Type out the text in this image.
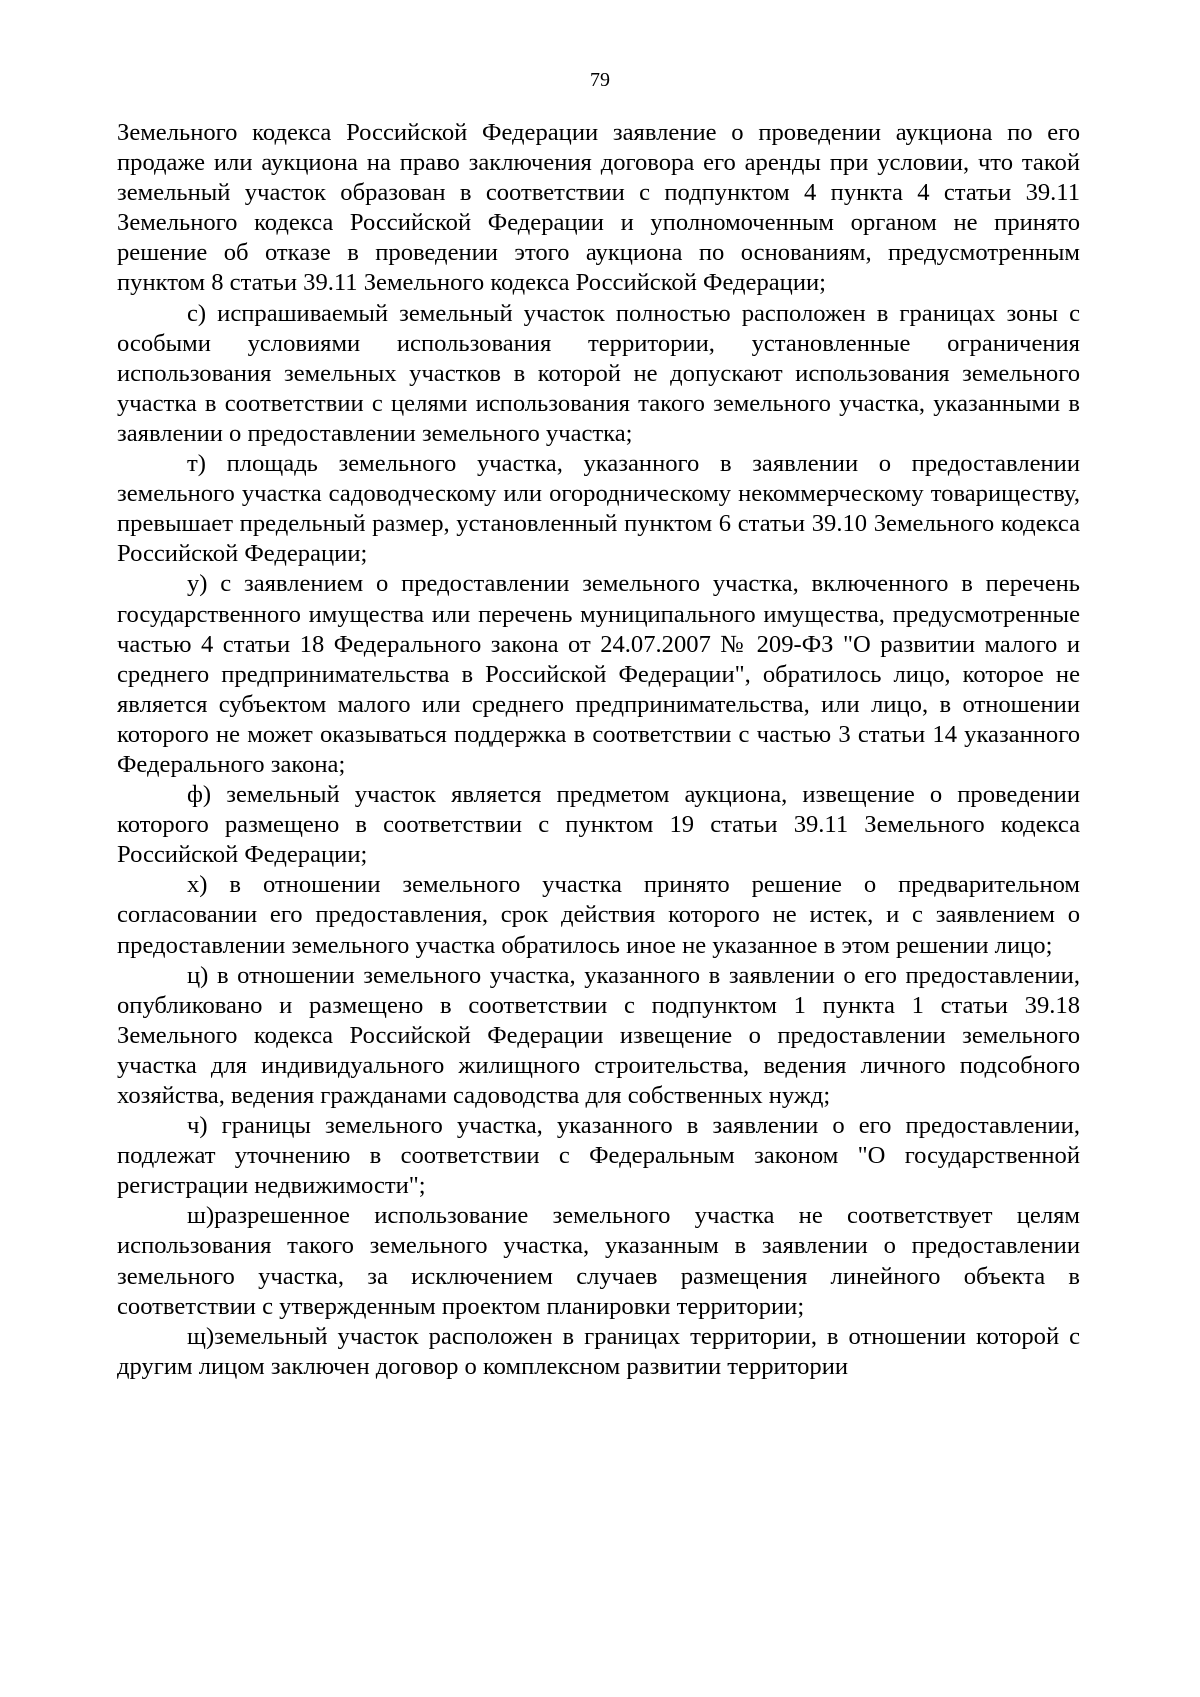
79

Земельного кодекса Российской Федерации заявление о проведении аукциона по его продаже или аукциона на право заключения договора его аренды при условии, что такой земельный участок образован в соответствии с подпунктом 4 пункта 4 статьи 39.11 Земельного кодекса Российской Федерации и уполномоченным органом не принято решение об отказе в проведении этого аукциона по основаниям, предусмотренным пунктом 8 статьи 39.11 Земельного кодекса Российской Федерации;

с) испрашиваемый земельный участок полностью расположен в границах зоны с особыми условиями использования территории, установленные ограничения использования земельных участков в которой не допускают использования земельного участка в соответствии с целями использования такого земельного участка, указанными в заявлении о предоставлении земельного участка;

т) площадь земельного участка, указанного в заявлении о предоставлении земельного участка садоводческому или огородническому некоммерческому товариществу, превышает предельный размер, установленный пунктом 6 статьи 39.10 Земельного кодекса Российской Федерации;

у) с заявлением о предоставлении земельного участка, включенного в перечень государственного имущества или перечень муниципального имущества, предусмотренные частью 4 статьи 18 Федерального закона от 24.07.2007 № 209-ФЗ "О развитии малого и среднего предпринимательства в Российской Федерации", обратилось лицо, которое не является субъектом малого или среднего предпринимательства, или лицо, в отношении которого не может оказываться поддержка в соответствии с частью 3 статьи 14 указанного Федерального закона;

ф) земельный участок является предметом аукциона, извещение о проведении которого размещено в соответствии с пунктом 19 статьи 39.11 Земельного кодекса Российской Федерации;

х) в отношении земельного участка принято решение о предварительном согласовании его предоставления, срок действия которого не истек, и с заявлением о предоставлении земельного участка обратилось иное не указанное в этом решении лицо;

ц) в отношении земельного участка, указанного в заявлении о его предоставлении, опубликовано и размещено в соответствии с подпунктом 1 пункта 1 статьи 39.18 Земельного кодекса Российской Федерации извещение о предоставлении земельного участка для индивидуального жилищного строительства, ведения личного подсобного хозяйства, ведения гражданами садоводства для собственных нужд;

ч) границы земельного участка, указанного в заявлении о его предоставлении, подлежат уточнению в соответствии с Федеральным законом "О государственной регистрации недвижимости";

ш)разрешенное использование земельного участка не соответствует целям использования такого земельного участка, указанным в заявлении о предоставлении земельного участка, за исключением случаев размещения линейного объекта в соответствии с утвержденным проектом планировки территории;

щ)земельный участок расположен в границах территории, в отношении которой с другим лицом заключен договор о комплексном развитии территории
